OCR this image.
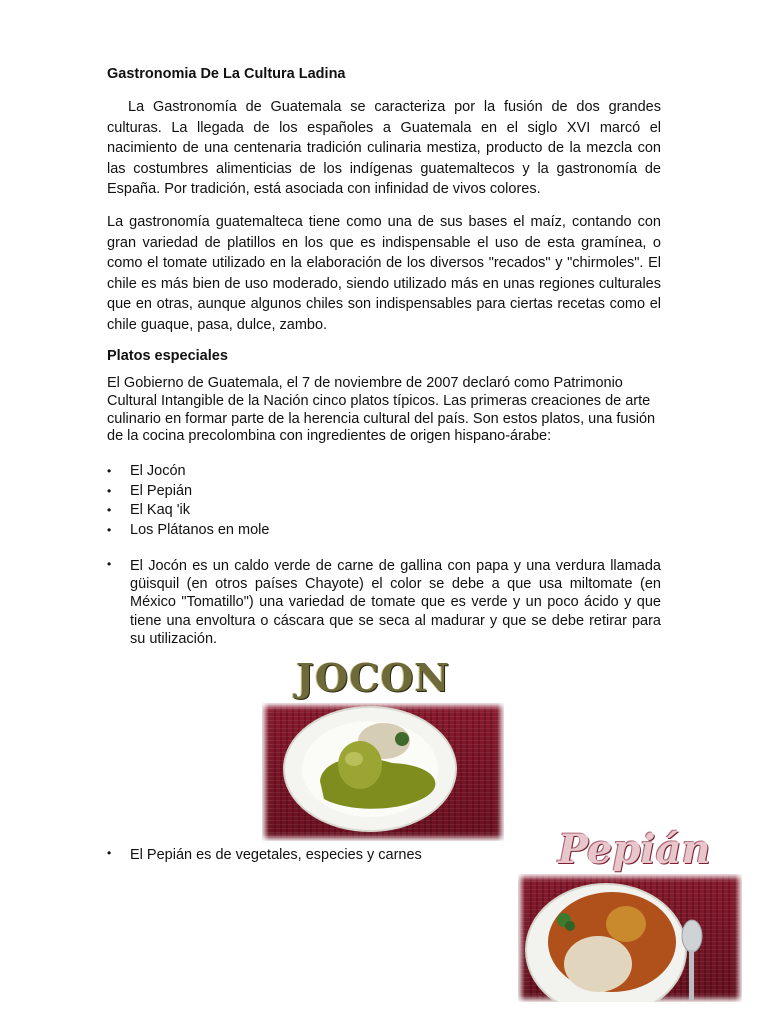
Gastronomia De La Cultura Ladina

La Gastronomía de Guatemala se caracteriza por la fusión de dos grandes culturas. La llegada de los españoles a Guatemala en el siglo XVI marcó el nacimiento de una centenaria tradición culinaria mestiza, producto de la mezcla con las costumbres alimenticias de los indígenas guatemaltecos y la gastronomía de España. Por tradición, está asociada con infinidad de vivos colores.

La gastronomía guatemalteca tiene como una de sus bases el maíz, contando con gran variedad de platillos en los que es indispensable el uso de esta gramínea, o como el tomate utilizado en la elaboración de los diversos "recados" y "chirmoles". El chile es más bien de uso moderado, siendo utilizado más en unas regiones culturales que en otras, aunque algunos chiles son indispensables para ciertas recetas como el chile guaque, pasa, dulce, zambo.

Platos especiales

El Gobierno de Guatemala, el 7 de noviembre de 2007 declaró como Patrimonio Cultural Intangible de la Nación cinco platos típicos. Las primeras creaciones de arte culinario en formar parte de la herencia cultural del país. Son estos platos, una fusión de la cocina precolombina con ingredientes de origen hispano-árabe:

• El Jocón
• El Pepián
• El Kaq 'ik
• Los Plátanos en mole
• El Jocón es un caldo verde de carne de gallina con papa y una verdura llamada güisquil (en otros países Chayote) el color se debe a que usa miltomate (en México "Tomatillo") una variedad de tomate que es verde y un poco ácido y que tiene una envoltura o cáscara que se seca al madurar y que se debe retirar para su utilización.
• El Pepián es de vegetales, especies y carnes
JOCON
Pepián
